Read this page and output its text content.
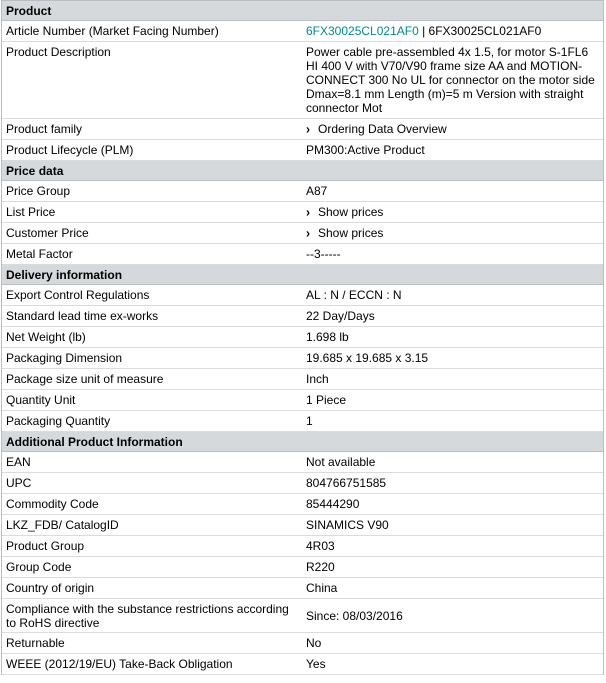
Product
Article Number (Market Facing Number)	6FX30025CL021AF0 | 6FX30025CL021AF0
Product Description	Power cable pre-assembled 4x 1.5, for motor S-1FL6 HI 400 V with V70/V90 frame size AA and MOTION-CONNECT 300 No UL for connector on the motor side Dmax=8.1 mm Length (m)=5 m Version with straight connector Mot
Product family	› Ordering Data Overview
Product Lifecycle (PLM)	PM300:Active Product
Price data
Price Group	A87
List Price	› Show prices
Customer Price	› Show prices
Metal Factor	--3-----
Delivery information
Export Control Regulations	AL : N / ECCN : N
Standard lead time ex-works	22 Day/Days
Net Weight (lb)	1.698 lb
Packaging Dimension	19.685 x 19.685 x 3.15
Package size unit of measure	Inch
Quantity Unit	1 Piece
Packaging Quantity	1
Additional Product Information
EAN	Not available
UPC	804766751585
Commodity Code	85444290
LKZ_FDB/ CatalogID	SINAMICS V90
Product Group	4R03
Group Code	R220
Country of origin	China
Compliance with the substance restrictions according to RoHS directive	Since: 08/03/2016
Returnable	No
WEEE (2012/19/EU) Take-Back Obligation	Yes
